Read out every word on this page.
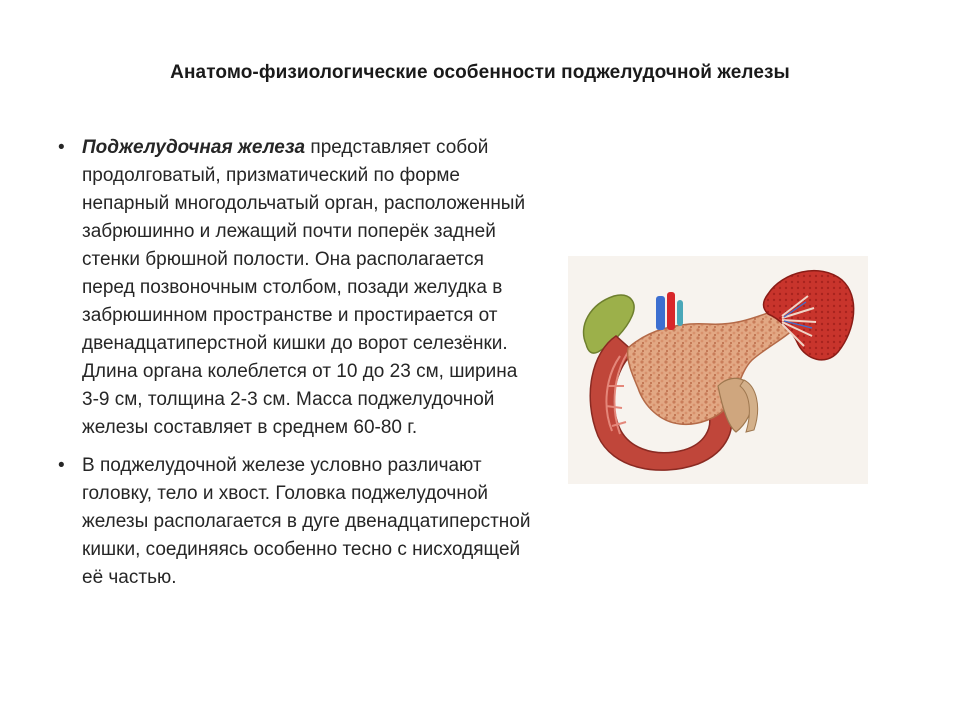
Анатомо-физиологические особенности поджелудочной железы
• Поджелудочная железа представляет собой продолговатый, призматический по форме непарный многодольчатый орган, расположенный забрюшинно и лежащий почти поперёк задней стенки брюшной полости. Она располагается перед позвоночным столбом, позади желудка в забрюшинном пространстве и простирается от двенадцатиперстной кишки до ворот селезёнки. Длина органа колеблется от 10 до 23 см, ширина 3-9 см, толщина 2-3 см. Масса поджелудочной железы составляет в среднем 60-80 г.
• В поджелудочной железе условно различают головку, тело и хвост. Головка поджелудочной железы располагается в дуге двенадцатиперстной кишки, соединяясь особенно тесно с нисходящей её частью.
